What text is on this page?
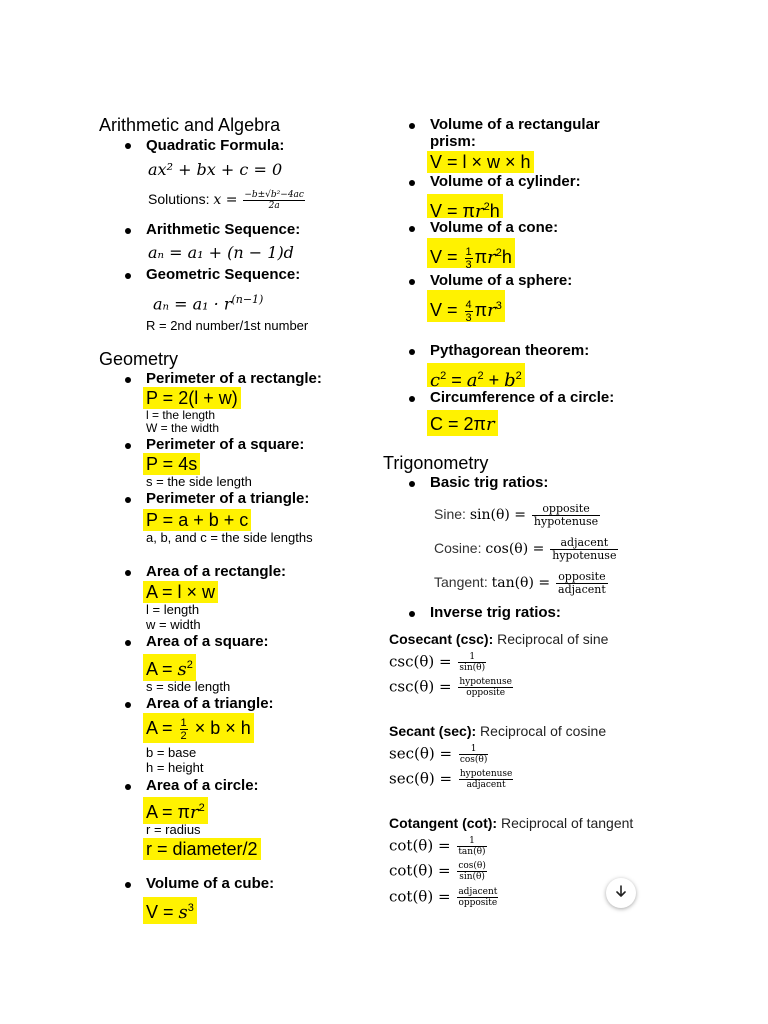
Arithmetic and Algebra
Quadratic Formula:
ax² + bx + c = 0
Solutions: $x = \frac{\text{−b±√b²−4ac}}{2a}$
Arithmetic Sequence:
aₙ = a₁ + (n − 1)d
Geometric Sequence:
$a_n = a_1 \cdot r^{(n-1)}$
R = 2nd number/1st number
Geometry
Perimeter of a rectangle:
P = 2(l + w)
l = the length
W = the width
Perimeter of a square:
P = 4s
s = the side length
Perimeter of a triangle:
P = a + b + c
a, b, and c = the side lengths
Area of a rectangle:
A = l × w
l = length
w = width
Area of a square:
$A = s^2$
s = side length
Area of a triangle:
$A = \frac{1}{2} \times b \times h$
b = base
h = height
Area of a circle:
$A = \pi r^2$
r = radius
r = diameter/2
Volume of a cube:
$V = s^3$
Volume of a rectangular
prism:
V = l × w × h
Volume of a cylinder:
$V = \pi r^2h$
Volume of a cone:
$V = \frac{1}{3} \pi r^2h$
Volume of a sphere:
$V = \frac{4}{3} \pi r^3$
Pythagorean theorem:
$c^2 = a^2 + b^2$
Circumference of a circle:
C = 2πr
Trigonometry
Basic trig ratios:
Sine: $\sin(\theta) = \frac{\text{opposite}}{\text{hypotenuse}}$
Cosine: $\cos(\theta) = \frac{\text{adjacent}}{\text{hypotenuse}}$
Tangent: $\tan(\theta) = \frac{\text{opposite}}{\text{adjacent}}$
Inverse trig ratios:
Cosecant (csc): Reciprocal of sine
$\csc(\theta) = \frac{1}{\sin(\theta)}$
$\csc(\theta) = \frac{\text{hypotenuse}}{\text{opposite}}$
Secant (sec): Reciprocal of cosine
$\sec(\theta) = \frac{1}{\cos(\theta)}$
$\sec(\theta) = \frac{\text{hypotenuse}}{\text{adjacent}}$
Cotangent (cot): Reciprocal of tangent
$\cot(\theta) = \frac{1}{\tan(\theta)}$
$\cot(\theta) = \frac{\cos(\theta)}{\sin(\theta)}$
$\cot(\theta) = \frac{\text{adjacent}}{\text{opposite}}$
